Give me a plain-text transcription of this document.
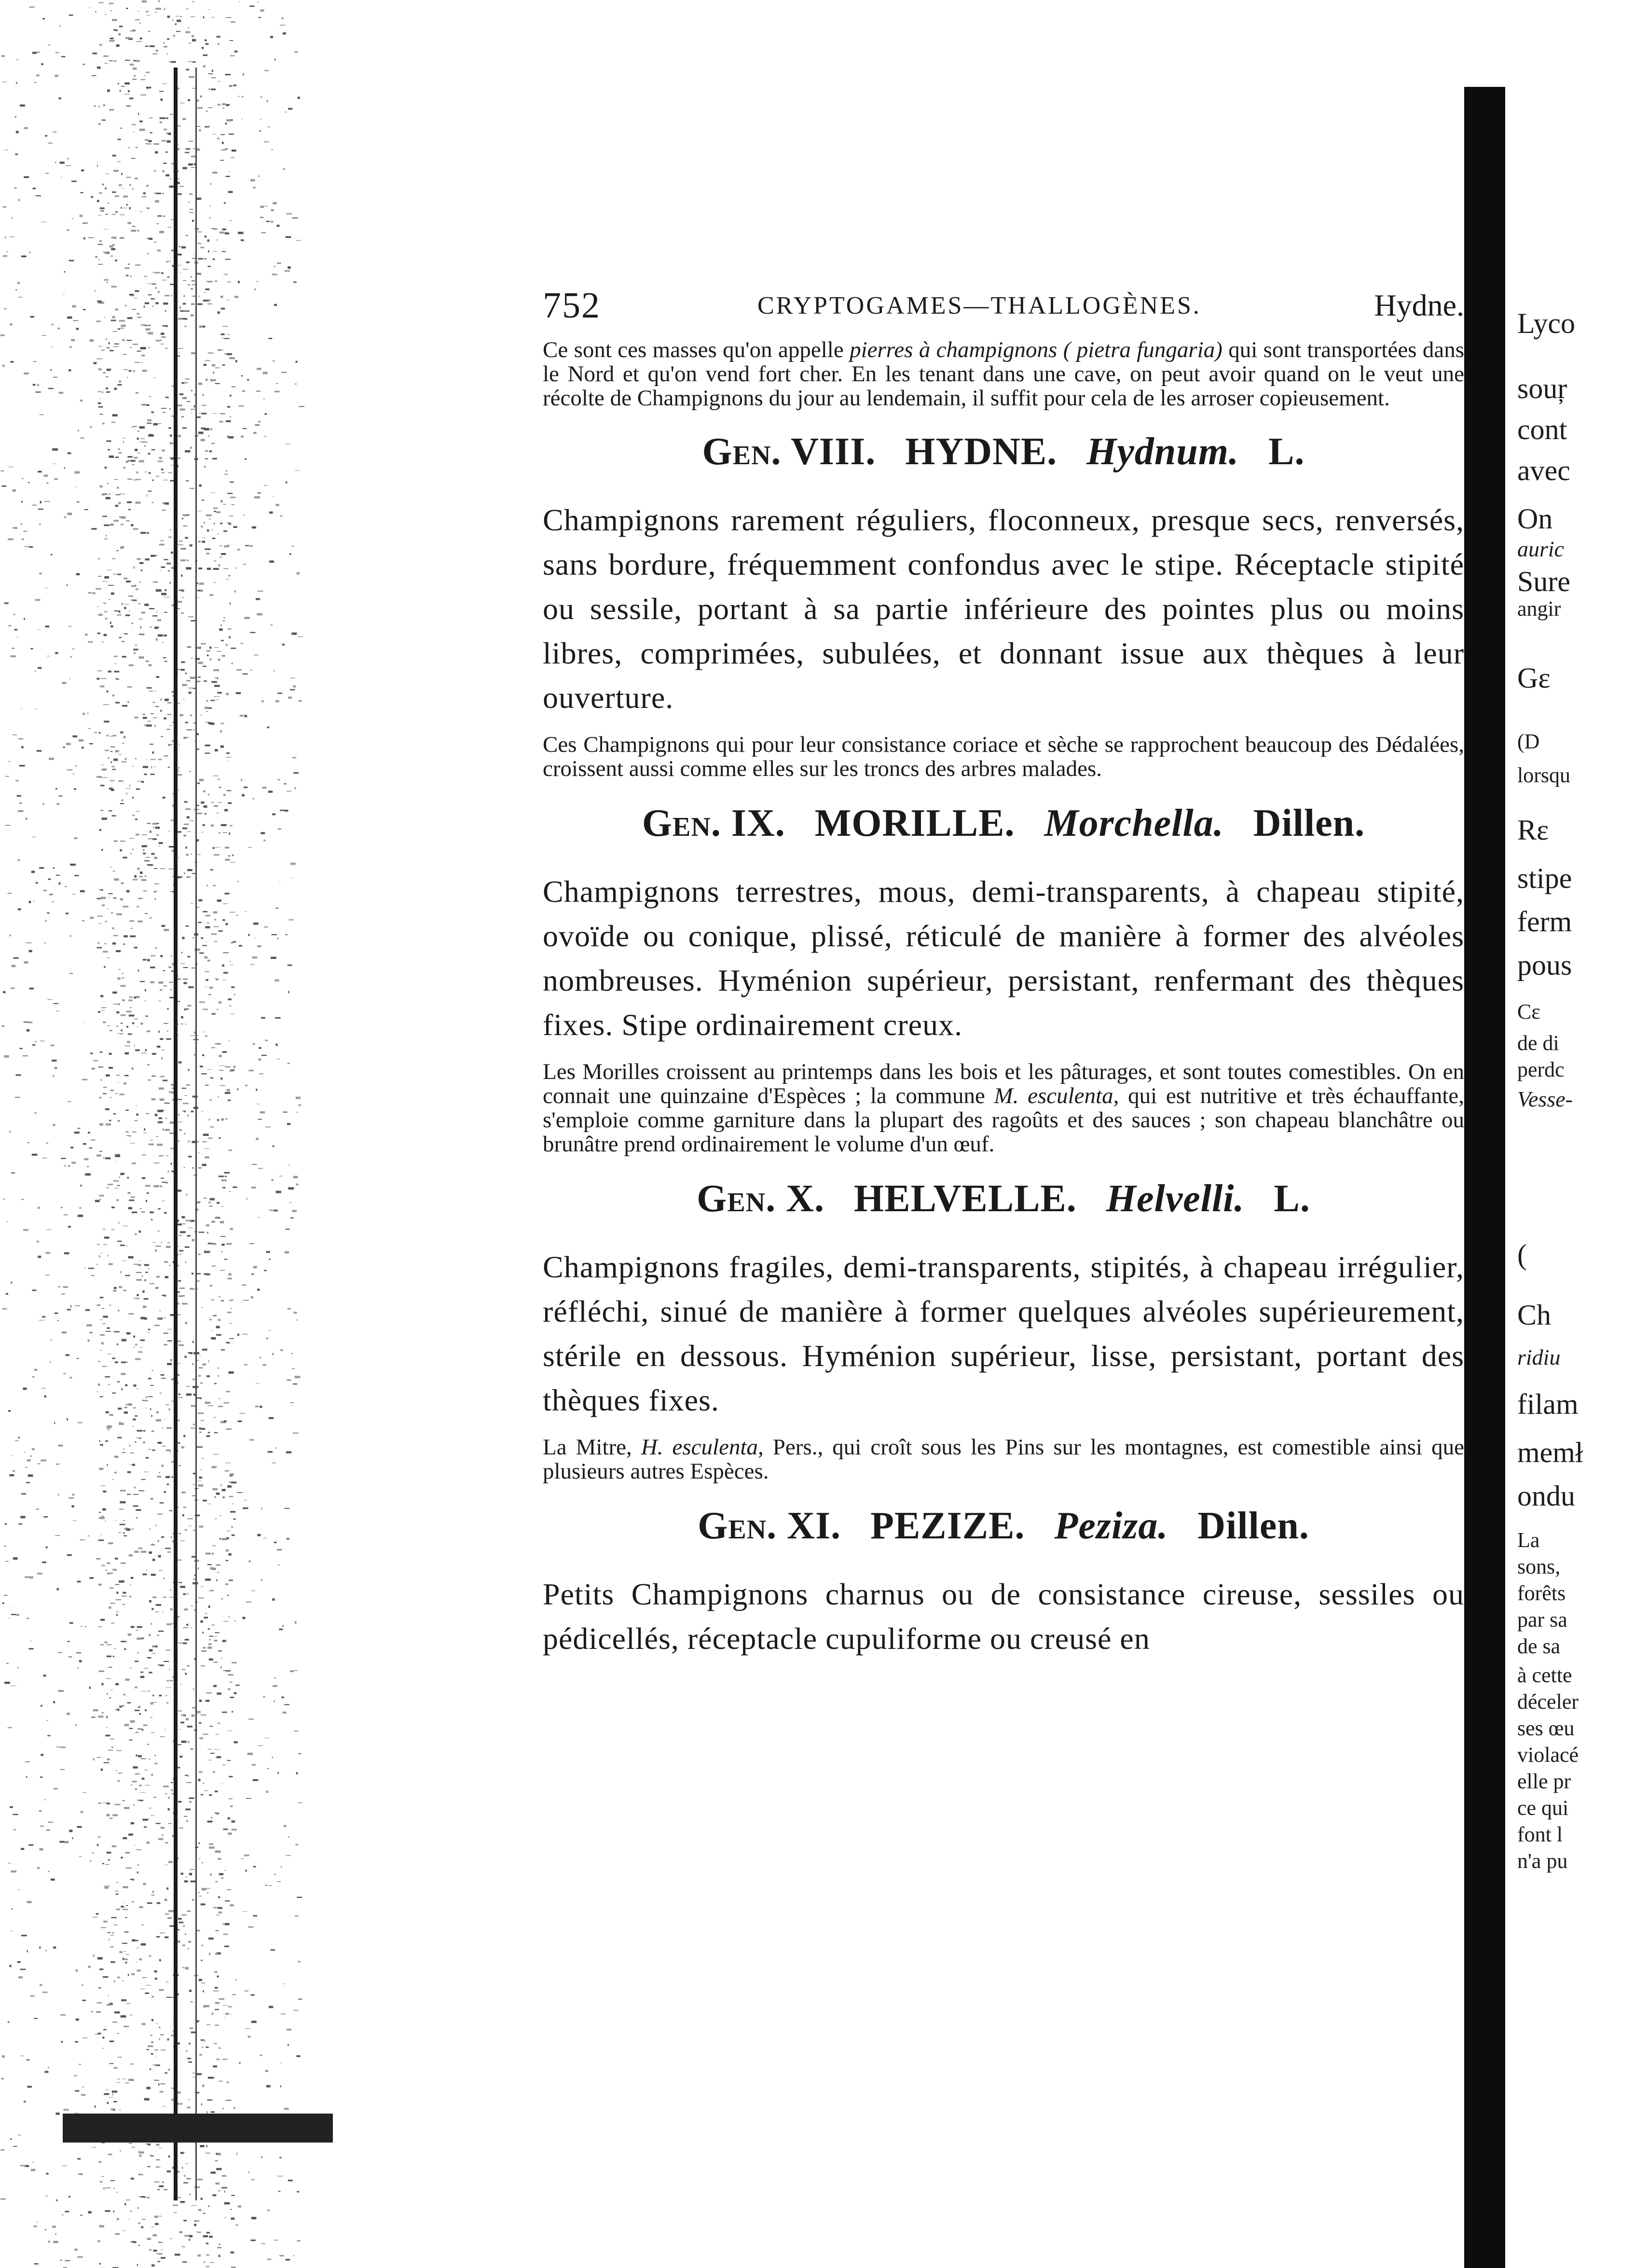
Lyco
souŗ
cont
avec
On
auric
Sure
angir
Gɛ
(D
lorsqu
Rɛ
stipe
ferm
pous
Cɛ
de di
perdc
Vesse-
(
Ch
ridiu
filam
memł
ondu
La
sons,
forêts
par sa
de sa
à cette
déceler
ses œu
violacé
elle pr
ce qui
font l
n'a pu
752	CRYPTOGAMES—THALLOGÈNES.	Hydne.

Ce sont ces masses qu'on appelle pierres à champignons ( pietra fungaria) qui sont transportées dans le Nord et qu'on vend fort cher. En les tenant dans une cave, on peut avoir quand on le veut une récolte de Champignons du jour au lendemain, il suffit pour cela de les arroser copieusement.

Gen. VIII. HYDNE. Hydnum. L.

Champignons rarement réguliers, floconneux, presque secs, renversés, sans bordure, fréquemment confondus avec le stipe. Réceptacle stipité ou sessile, portant à sa partie inférieure des pointes plus ou moins libres, comprimées, subulées, et donnant issue aux thèques à leur ouverture.

Ces Champignons qui pour leur consistance coriace et sèche se rapprochent beaucoup des Dédalées, croissent aussi comme elles sur les troncs des arbres malades.

Gen. IX. MORILLE. Morchella. Dillen.

Champignons terrestres, mous, demi-transparents, à chapeau stipité, ovoïde ou conique, plissé, réticulé de manière à former des alvéoles nombreuses. Hyménion supérieur, persistant, renfermant des thèques fixes. Stipe ordinairement creux.

Les Morilles croissent au printemps dans les bois et les pâturages, et sont toutes comestibles. On en connait une quinzaine d'Espèces ; la commune M. esculenta, qui est nutritive et très échauffante, s'emploie comme garniture dans la plupart des ragoûts et des sauces ; son chapeau blanchâtre ou brunâtre prend ordinairement le volume d'un œuf.

Gen. X. HELVELLE. Helvelli. L.

Champignons fragiles, demi-transparents, stipités, à chapeau irrégulier, réfléchi, sinué de manière à former quelques alvéoles supérieurement, stérile en dessous. Hyménion supérieur, lisse, persistant, portant des thèques fixes.

La Mitre, H. esculenta, Pers., qui croît sous les Pins sur les montagnes, est comestible ainsi que plusieurs autres Espèces.

Gen. XI. PEZIZE. Peziza. Dillen.

Petits Champignons charnus ou de consistance cireuse, sessiles ou pédicellés, réceptacle cupuliforme ou creusé en
